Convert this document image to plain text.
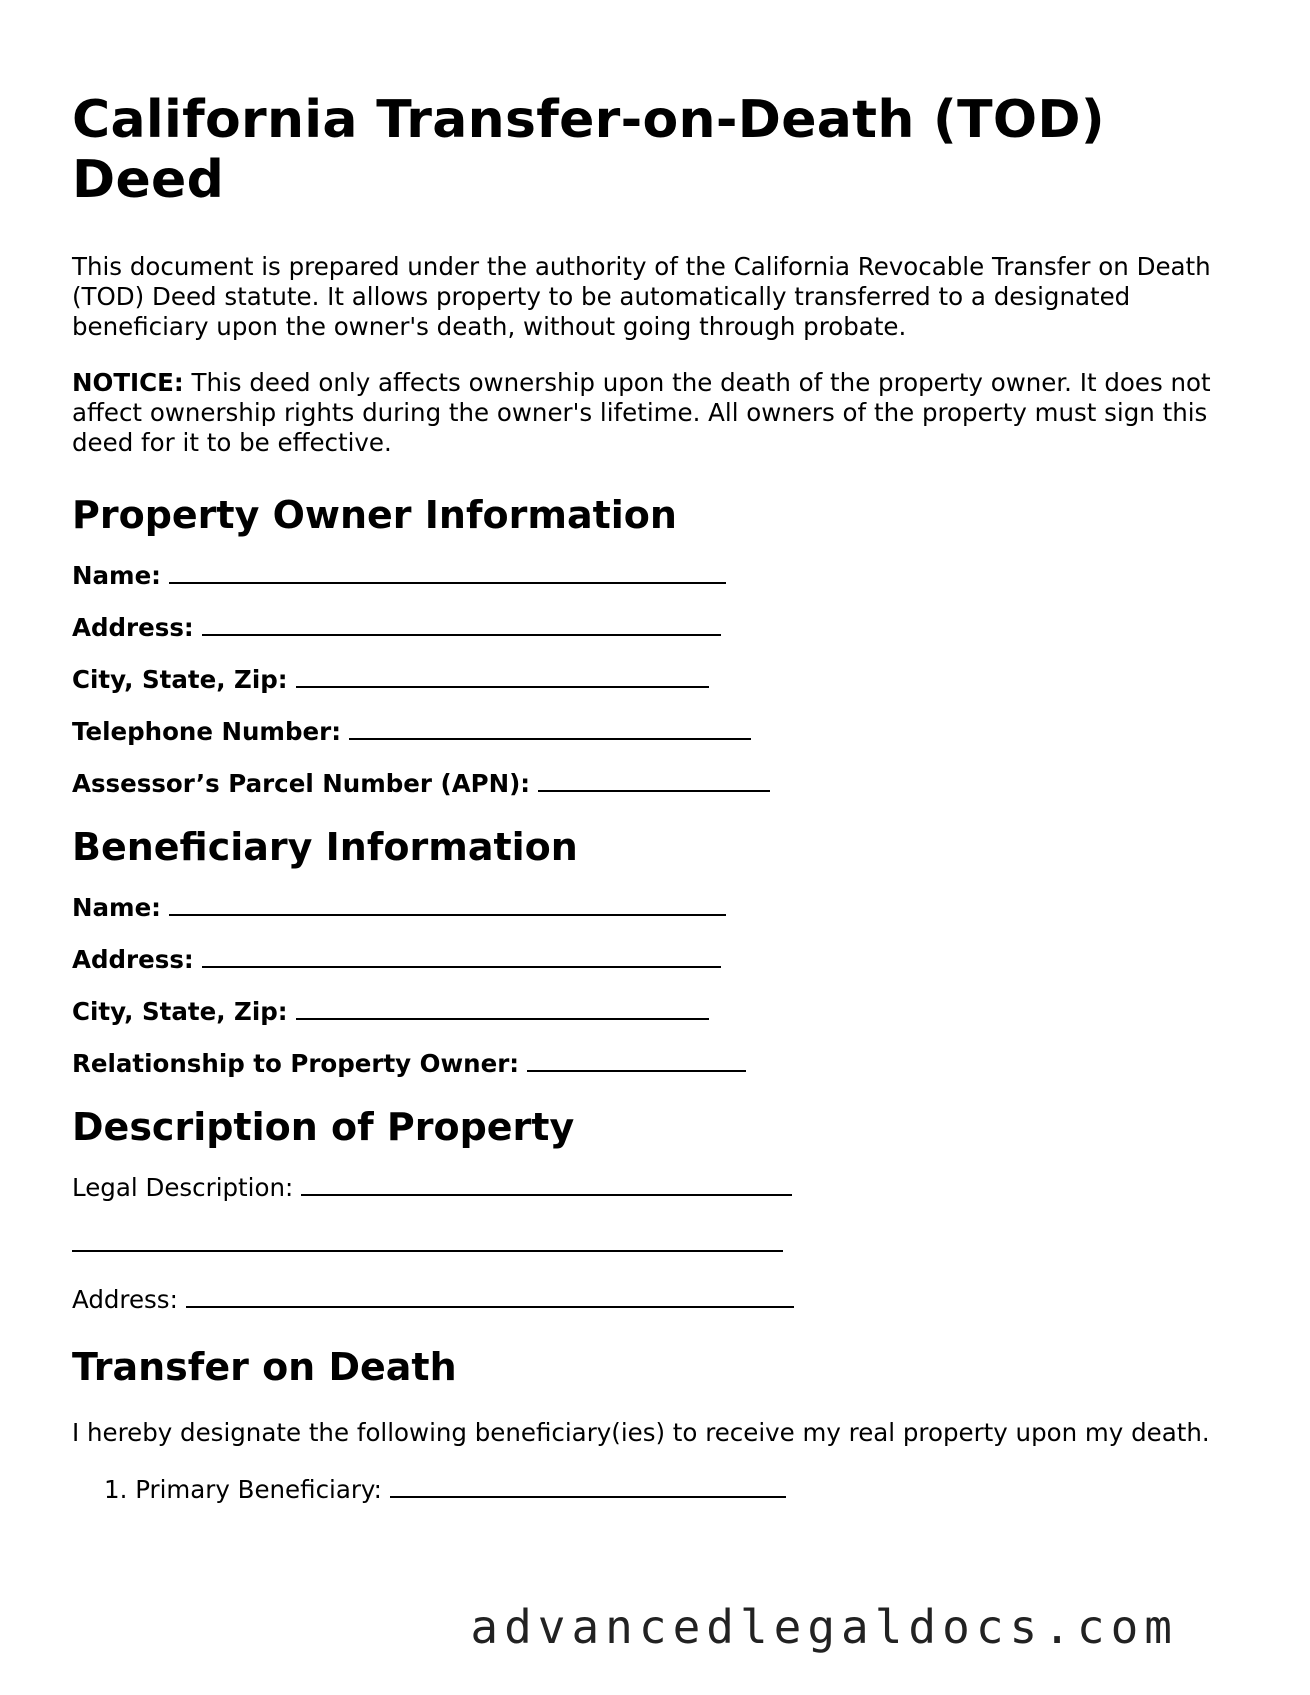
California Transfer-on-Death (TOD) Deed

This document is prepared under the authority of the California Revocable Transfer on Death (TOD) Deed statute. It allows property to be automatically transferred to a designated beneficiary upon the owner's death, without going through probate.

NOTICE: This deed only affects ownership upon the death of the property owner. It does not affect ownership rights during the owner's lifetime. All owners of the property must sign this deed for it to be effective.

Property Owner Information
Name:
Address:
City, State, Zip:
Telephone Number:
Assessor’s Parcel Number (APN):
Beneficiary Information
Name:
Address:
City, State, Zip:
Relationship to Property Owner:
Description of Property
Legal Description:
Address:
Transfer on Death

I hereby designate the following beneficiary(ies) to receive my real property upon my death.

1. Primary Beneficiary:
advancedlegaldocs.com
